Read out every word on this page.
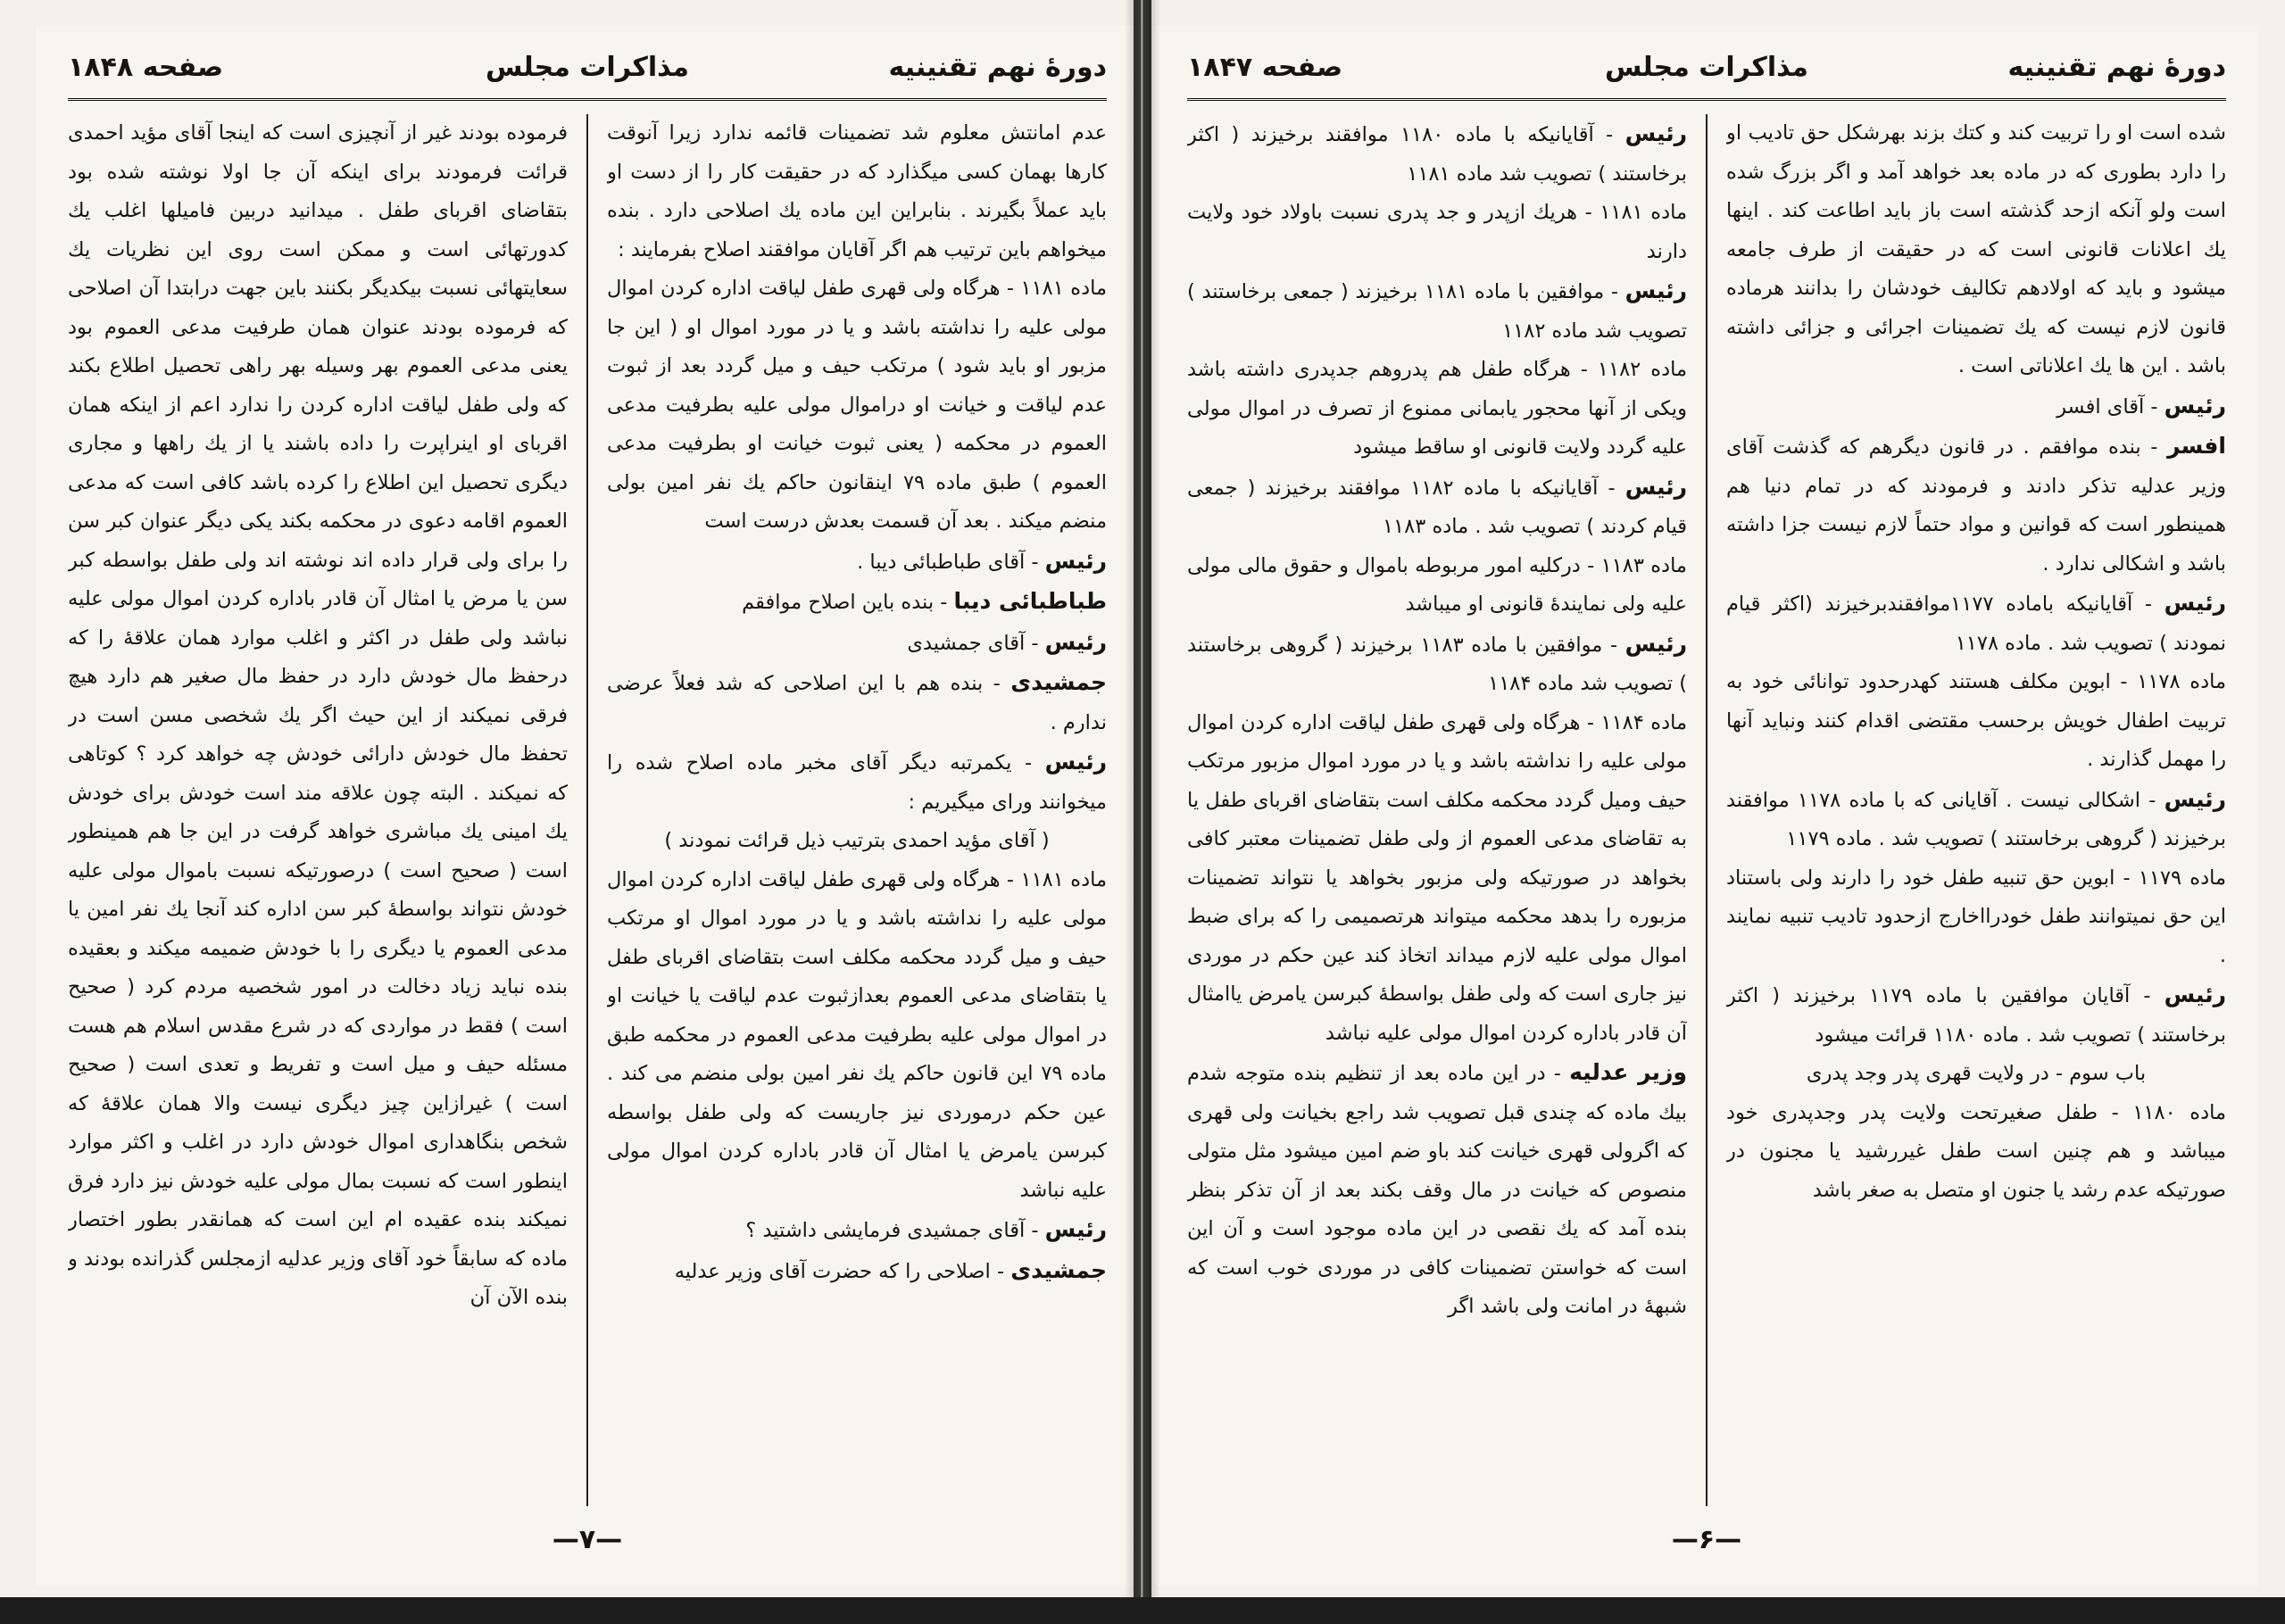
دورهٔ نهم تقنینیه
مذاکرات مجلس
صفحه ۱۸۴۸

عدم امانتش معلوم شد تضمینات قائمه ندارد زیرا آنوقت کارها بهمان کسی میگذارد که در حقیقت کار را از دست او باید عملاً بگیرند . بنابراین این ماده یك اصلاحی دارد . بنده میخواهم باین ترتیب هم اگر آقایان موافقند اصلاح بفرمایند :

ماده ۱۱۸۱ - هرگاه ولی قهری طفل لیاقت اداره کردن اموال مولی علیه را نداشته باشد و یا در مورد اموال او ( این جا مزبور او باید شود ) مرتکب حیف و میل گردد بعد از ثبوت عدم لیاقت و خیانت او دراموال مولی علیه بطرفیت مدعی العموم در محکمه ( یعنی ثبوت خیانت او بطرفیت مدعی العموم ) طبق ماده ۷۹ اینقانون حاکم یك نفر امین بولی منضم میکند . بعد آن قسمت بعدش درست است

رئیس - آقای طباطبائی دیبا .

طباطبائی دیبا - بنده باین اصلاح موافقم

رئیس - آقای جمشیدی

جمشیدی - بنده هم با این اصلاحی که شد فعلاً عرضی ندارم .

رئیس - یکمرتبه دیگر آقای مخبر ماده اصلاح شده را میخوانند ورای میگیریم :

( آقای مؤید احمدی بترتیب ذیل قرائت نمودند )

ماده ۱۱۸۱ - هرگاه ولی قهری طفل لیاقت اداره کردن اموال مولی علیه را نداشته باشد و یا در مورد اموال او مرتکب حیف و میل گردد محکمه مکلف است بتقاضای اقربای طفل یا بتقاضای مدعی العموم بعدازثبوت عدم لیاقت یا خیانت او در اموال مولی علیه بطرفیت مدعی العموم در محکمه طبق ماده ۷۹ این قانون حاکم یك نفر امین بولی منضم می کند . عین حکم درموردی نیز جاریست که ولی طفل بواسطه کبرسن یامرض یا امثال آن قادر باداره کردن اموال مولی علیه نباشد

رئیس - آقای جمشیدی فرمایشی داشتید ؟

جمشیدی - اصلاحی را که حضرت آقای وزیر عدلیه

فرموده بودند غیر از آنچیزی است که اینجا آقای مؤید احمدی قرائت فرمودند برای اینکه آن جا اولا نوشته شده بود بتقاضای اقربای طفل . میدانید دربین فامیلها اغلب یك کدورتهائی است و ممکن است روی این نظریات یك سعایتهائی نسبت بیکدیگر بکنند باین جهت درابتدا آن اصلاحی که فرموده بودند عنوان همان طرفیت مدعی العموم بود یعنی مدعی العموم بهر وسیله بهر راهی تحصیل اطلاع بکند که ولی طفل لیاقت اداره کردن را ندارد اعم از اینکه همان اقربای او اینراپرت را داده باشند یا از یك راهها و مجاری دیگری تحصیل این اطلاع را کرده باشد کافی است که مدعی العموم اقامه دعوی در محکمه بکند یکی دیگر عنوان کبر سن را برای ولی قرار داده اند نوشته اند ولی طفل بواسطه کبر سن یا مرض یا امثال آن قادر باداره کردن اموال مولی علیه نباشد ولی طفل در اکثر و اغلب موارد همان علاقهٔ را که درحفظ مال خودش دارد در حفظ مال صغیر هم دارد هیچ فرقی نمیکند از این حیث اگر یك شخصی مسن است در تحفظ مال خودش دارائی خودش چه خواهد کرد ؟ کوتاهی که نمیکند . البته چون علاقه مند است خودش برای خودش یك امینی یك مباشری خواهد گرفت در این جا هم همینطور است ( صحیح است ) درصورتیکه نسبت باموال مولی علیه خودش نتواند بواسطهٔ کبر سن اداره کند آنجا یك نفر امین یا مدعی العموم یا دیگری را با خودش ضمیمه میکند و بعقیده بنده نباید زیاد دخالت در امور شخصیه مردم کرد ( صحیح است ) فقط در مواردی که در شرع مقدس اسلام هم هست مسئله حیف و میل است و تفریط و تعدی است ( صحیح است ) غیرازاین چیز دیگری نیست والا همان علاقهٔ که شخص بنگاهداری اموال خودش دارد در اغلب و اکثر موارد اینطور است که نسبت بمال مولی علیه خودش نیز دارد فرق نمیکند بنده عقیده ام این است که همانقدر بطور اختصار ماده که سابقاً خود آقای وزیر عدلیه ازمجلس گذرانده بودند و بنده الآن آن

—۷—
دورهٔ نهم تقنینیه
مذاکرات مجلس
صفحه ۱۸۴۷

شده است او را تربیت کند و کتك بزند بهرشکل حق تادیب او را دارد بطوری که در ماده بعد خواهد آمد و اگر بزرگ شده است ولو آنکه ازحد گذشته است باز باید اطاعت کند . اینها یك اعلانات قانونی است که در حقیقت از طرف جامعه میشود و باید که اولادهم تکالیف خودشان را بدانند هرماده قانون لازم نیست که یك تضمینات اجرائی و جزائی داشته باشد . این ها یك اعلاناتی است .

رئیس - آقای افسر

افسر - بنده موافقم . در قانون دیگرهم که گذشت آقای وزیر عدلیه تذکر دادند و فرمودند که در تمام دنیا هم همینطور است که قوانین و مواد حتماً لازم نیست جزا داشته باشد و اشکالی ندارد .

رئیس - آقایانیکه باماده ۱۱۷۷موافقندبرخیزند (اکثر قیام نمودند ) تصویب شد . ماده ۱۱۷۸

ماده ۱۱۷۸ - ابوین مکلف هستند کهدرحدود توانائی خود به تربیت اطفال خویش برحسب مقتضی اقدام کنند ونباید آنها را مهمل گذارند .

رئیس - اشکالی نیست . آقایانی که با ماده ۱۱۷۸ موافقند برخیزند ( گروهی برخاستند ) تصویب شد . ماده ۱۱۷۹

ماده ۱۱۷۹ - ابوین حق تنبیه طفل خود را دارند ولی باستناد این حق نمیتوانند طفل خودرااخارج ازحدود تادیب تنبیه نمایند .

رئیس - آقایان موافقین با ماده ۱۱۷۹ برخیزند ( اکثر برخاستند ) تصویب شد . ماده ۱۱۸۰ قرائت میشود

باب سوم - در ولایت قهری پدر وجد پدری

ماده ۱۱۸۰ - طفل صغیرتحت ولایت پدر وجدپدری خود میباشد و هم چنین است طفل غیررشید یا مجنون در صورتیکه عدم رشد یا جنون او متصل به صغر باشد

رئیس - آقایانیکه با ماده ۱۱۸۰ موافقند برخیزند ( اکثر برخاستند ) تصویب شد ماده ۱۱۸۱

ماده ۱۱۸۱ - هریك ازپدر و جد پدری نسبت باولاد خود ولایت دارند

رئیس - موافقین با ماده ۱۱۸۱ برخیزند ( جمعی برخاستند ) تصویب شد ماده ۱۱۸۲

ماده ۱۱۸۲ - هرگاه طفل هم پدروهم جدپدری داشته باشد ویکی از آنها محجور یابمانی ممنوع از تصرف در اموال مولی علیه گردد ولایت قانونی او ساقط میشود

رئیس - آقایانیکه با ماده ۱۱۸۲ موافقند برخیزند ( جمعی قیام کردند ) تصویب شد . ماده ۱۱۸۳

ماده ۱۱۸۳ - درکلیه امور مربوطه باموال و حقوق مالی مولی علیه ولی نمایندهٔ قانونی او میباشد

رئیس - موافقین با ماده ۱۱۸۳ برخیزند ( گروهی برخاستند ) تصویب شد ماده ۱۱۸۴

ماده ۱۱۸۴ - هرگاه ولی قهری طفل لیاقت اداره کردن اموال مولی علیه را نداشته باشد و یا در مورد اموال مزبور مرتکب حیف ومیل گردد محکمه مکلف است بتقاضای اقربای طفل یا به تقاضای مدعی العموم از ولی طفل تضمینات معتبر کافی بخواهد در صورتیکه ولی مزبور بخواهد یا نتواند تضمینات مزبوره را بدهد محکمه میتواند هرتصمیمی را که برای ضبط اموال مولی علیه لازم میداند اتخاذ کند عین حکم در موردی نیز جاری است که ولی طفل بواسطهٔ کبرسن یامرض یاامثال آن قادر باداره کردن اموال مولی علیه نباشد

وزیر عدلیه - در این ماده بعد از تنظیم بنده متوجه شدم بیك ماده که چندی قبل تصویب شد راجع بخیانت ولی قهری که اگرولی قهری خیانت کند باو ضم امین میشود مثل متولی منصوص که خیانت در مال وقف بکند بعد از آن تذکر بنظر بنده آمد که یك نقصی در این ماده موجود است و آن این است که خواستن تضمینات کافی در موردی خوب است که شبههٔ در امانت ولی باشد اگر

—۶—
